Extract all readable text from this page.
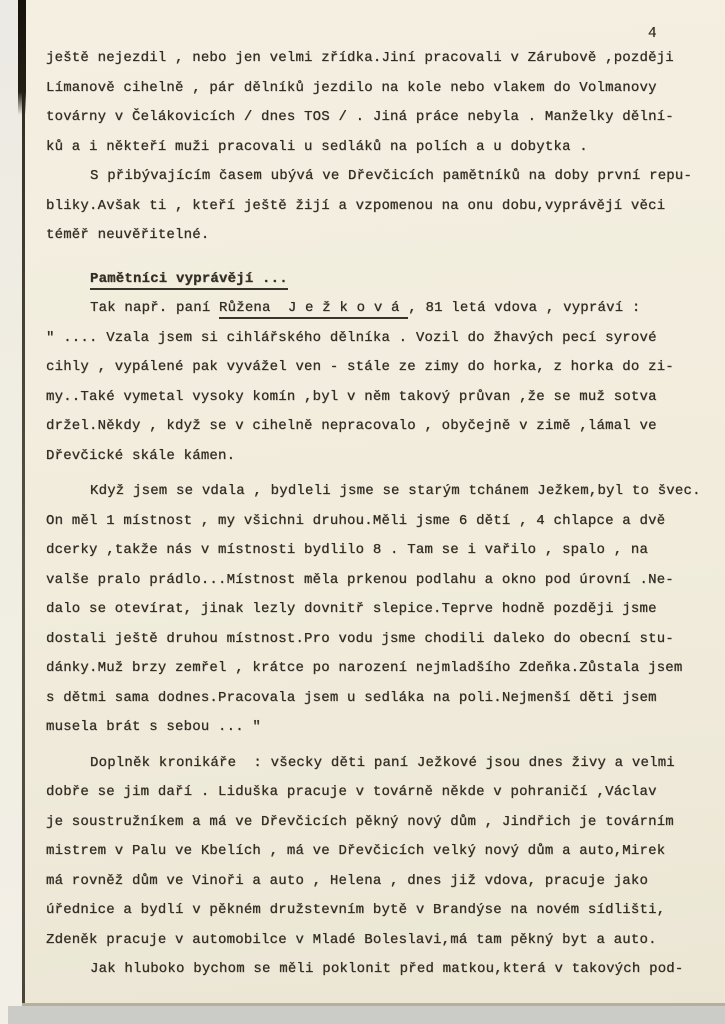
4
ještě nejezdil , nebo jen velmi zřídka.Jiní pracovali v Zárubově ,později
Límanově cihelně , pár dělníků jezdilo na kole nebo vlakem do Volmanovy
továrny v Čelákovicích / dnes TOS / . Jiná práce nebyla . Manželky dělní-
ků a i někteří muži pracovali u sedláků na polích a u dobytka .
S přibývajícím časem ubývá ve Dřevčicích pamětníků na doby první repu-
bliky.Avšak ti , kteří ještě žijí a vzpomenou na onu dobu,vyprávějí věci
téměř neuvěřitelné.
Pamětníci vyprávějí ...
Tak např. paní Růžena  J e ž k o v á , 81 letá vdova , vypráví :
" .... Vzala jsem si cihlářského dělníka . Vozil do žhavých pecí syrové
cihly , vypálené pak vyvážel ven - stále ze zimy do horka, z horka do zi-
my..Také vymetal vysoky komín ,byl v něm takový průvan ,že se muž sotva
držel.Někdy , když se v cihelně nepracovalo , obyčejně v zimě ,lámal ve
Dřevčické skále kámen.
Když jsem se vdala , bydleli jsme se starým tchánem Ježkem,byl to švec.
On měl 1 místnost , my všichni druhou.Měli jsme 6 dětí , 4 chlapce a dvě
dcerky ,takže nás v místnosti bydlilo 8 . Tam se i vařilo , spalo , na
valše pralo prádlo...Místnost měla prkenou podlahu a okno pod úrovní .Ne-
dalo se otevírat, jinak lezly dovnitř slepice.Teprve hodně později jsme
dostali ještě druhou místnost.Pro vodu jsme chodili daleko do obecní stu-
dánky.Muž brzy zemřel , krátce po narození nejmladšího Zdeňka.Zůstala jsem
s dětmi sama dodnes.Pracovala jsem u sedláka na poli.Nejmenší děti jsem
musela brát s sebou ... "
Doplněk kronikáře  : všecky děti paní Ježkové jsou dnes živy a velmi
dobře se jim daří . Liduška pracuje v továrně někde v pohraničí ,Václav
je soustružníkem a má ve Dřevčicích pěkný nový dům , Jindřich je továrním
mistrem v Palu ve Kbelích , má ve Dřevčicích velký nový dům a auto,Mirek
má rovněž dům ve Vinoři a auto , Helena , dnes již vdova, pracuje jako
úřednice a bydlí v pěkném družstevním bytě v Brandýse na novém sídlišti,
Zdeněk pracuje v automobilce v Mladé Boleslavi,má tam pěkný byt a auto.
Jak hluboko bychom se měli poklonit před matkou,která v takových pod-
